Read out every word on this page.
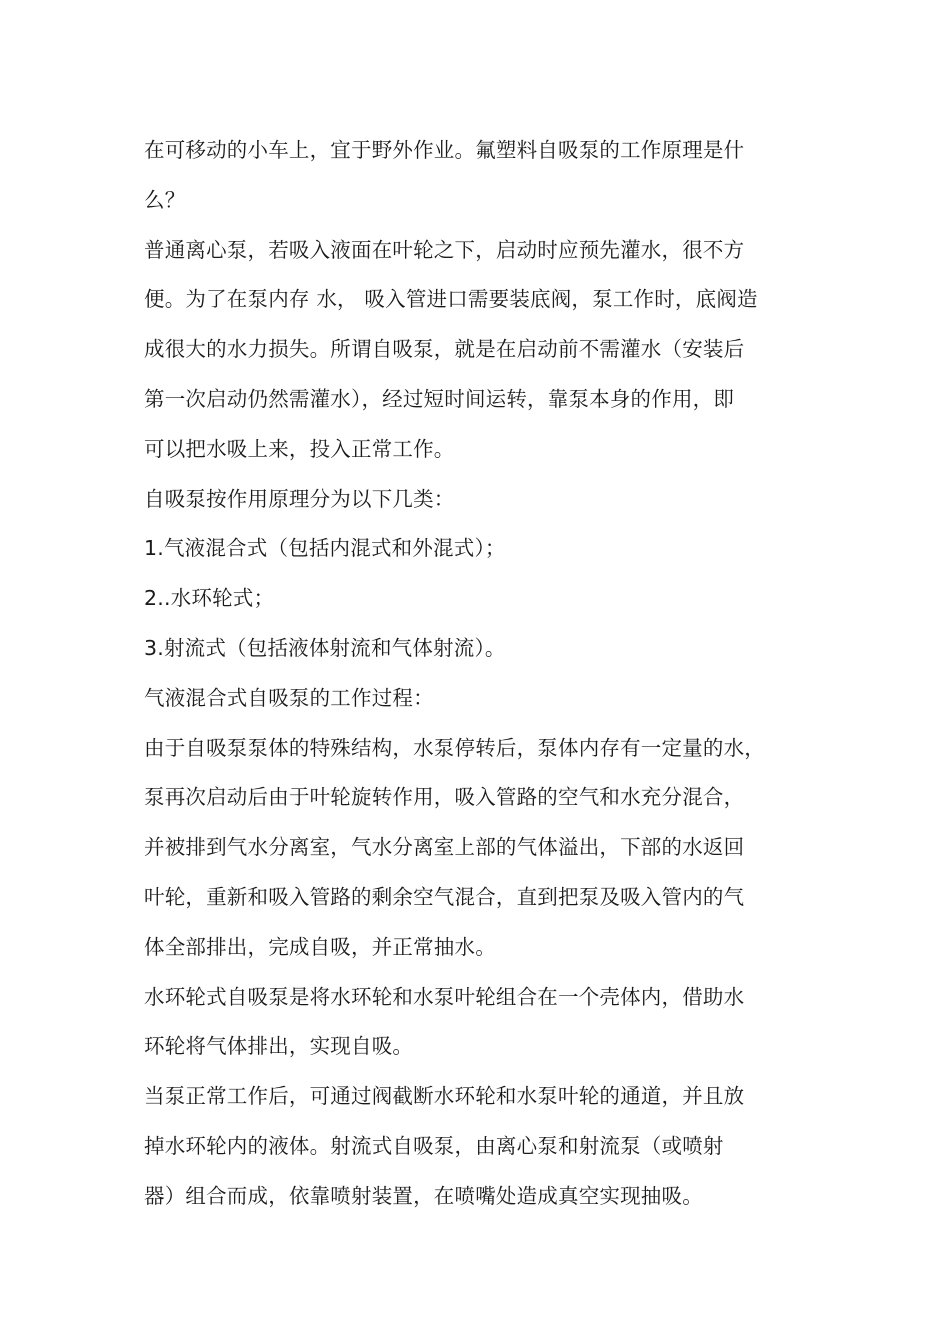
在可移动的小车上，宜于野外作业。氟塑料自吸泵的工作原理是什
么？

普通离心泵，若吸入液面在叶轮之下，启动时应预先灌水，很不方
便。为了在泵内存 水， 吸入管进口需要装底阀，泵工作时，底阀造
成很大的水力损失。所谓自吸泵，就是在启动前不需灌水（安装后
第一次启动仍然需灌水），经过短时间运转，靠泵本身的作用，即
可以把水吸上来，投入正常工作。

自吸泵按作用原理分为以下几类：

1.气液混合式（包括内混式和外混式）；

2..水环轮式；

3.射流式（包括液体射流和气体射流）。

气液混合式自吸泵的工作过程：

由于自吸泵泵体的特殊结构，水泵停转后，泵体内存有一定量的水，
泵再次启动后由于叶轮旋转作用，吸入管路的空气和水充分混合，
并被排到气水分离室，气水分离室上部的气体溢出，下部的水返回
叶轮，重新和吸入管路的剩余空气混合，直到把泵及吸入管内的气
体全部排出，完成自吸，并正常抽水。

水环轮式自吸泵是将水环轮和水泵叶轮组合在一个壳体内，借助水
环轮将气体排出，实现自吸。

当泵正常工作后，可通过阀截断水环轮和水泵叶轮的通道，并且放
掉水环轮内的液体。射流式自吸泵，由离心泵和射流泵（或喷射
器）组合而成，依靠喷射装置，在喷嘴处造成真空实现抽吸。
